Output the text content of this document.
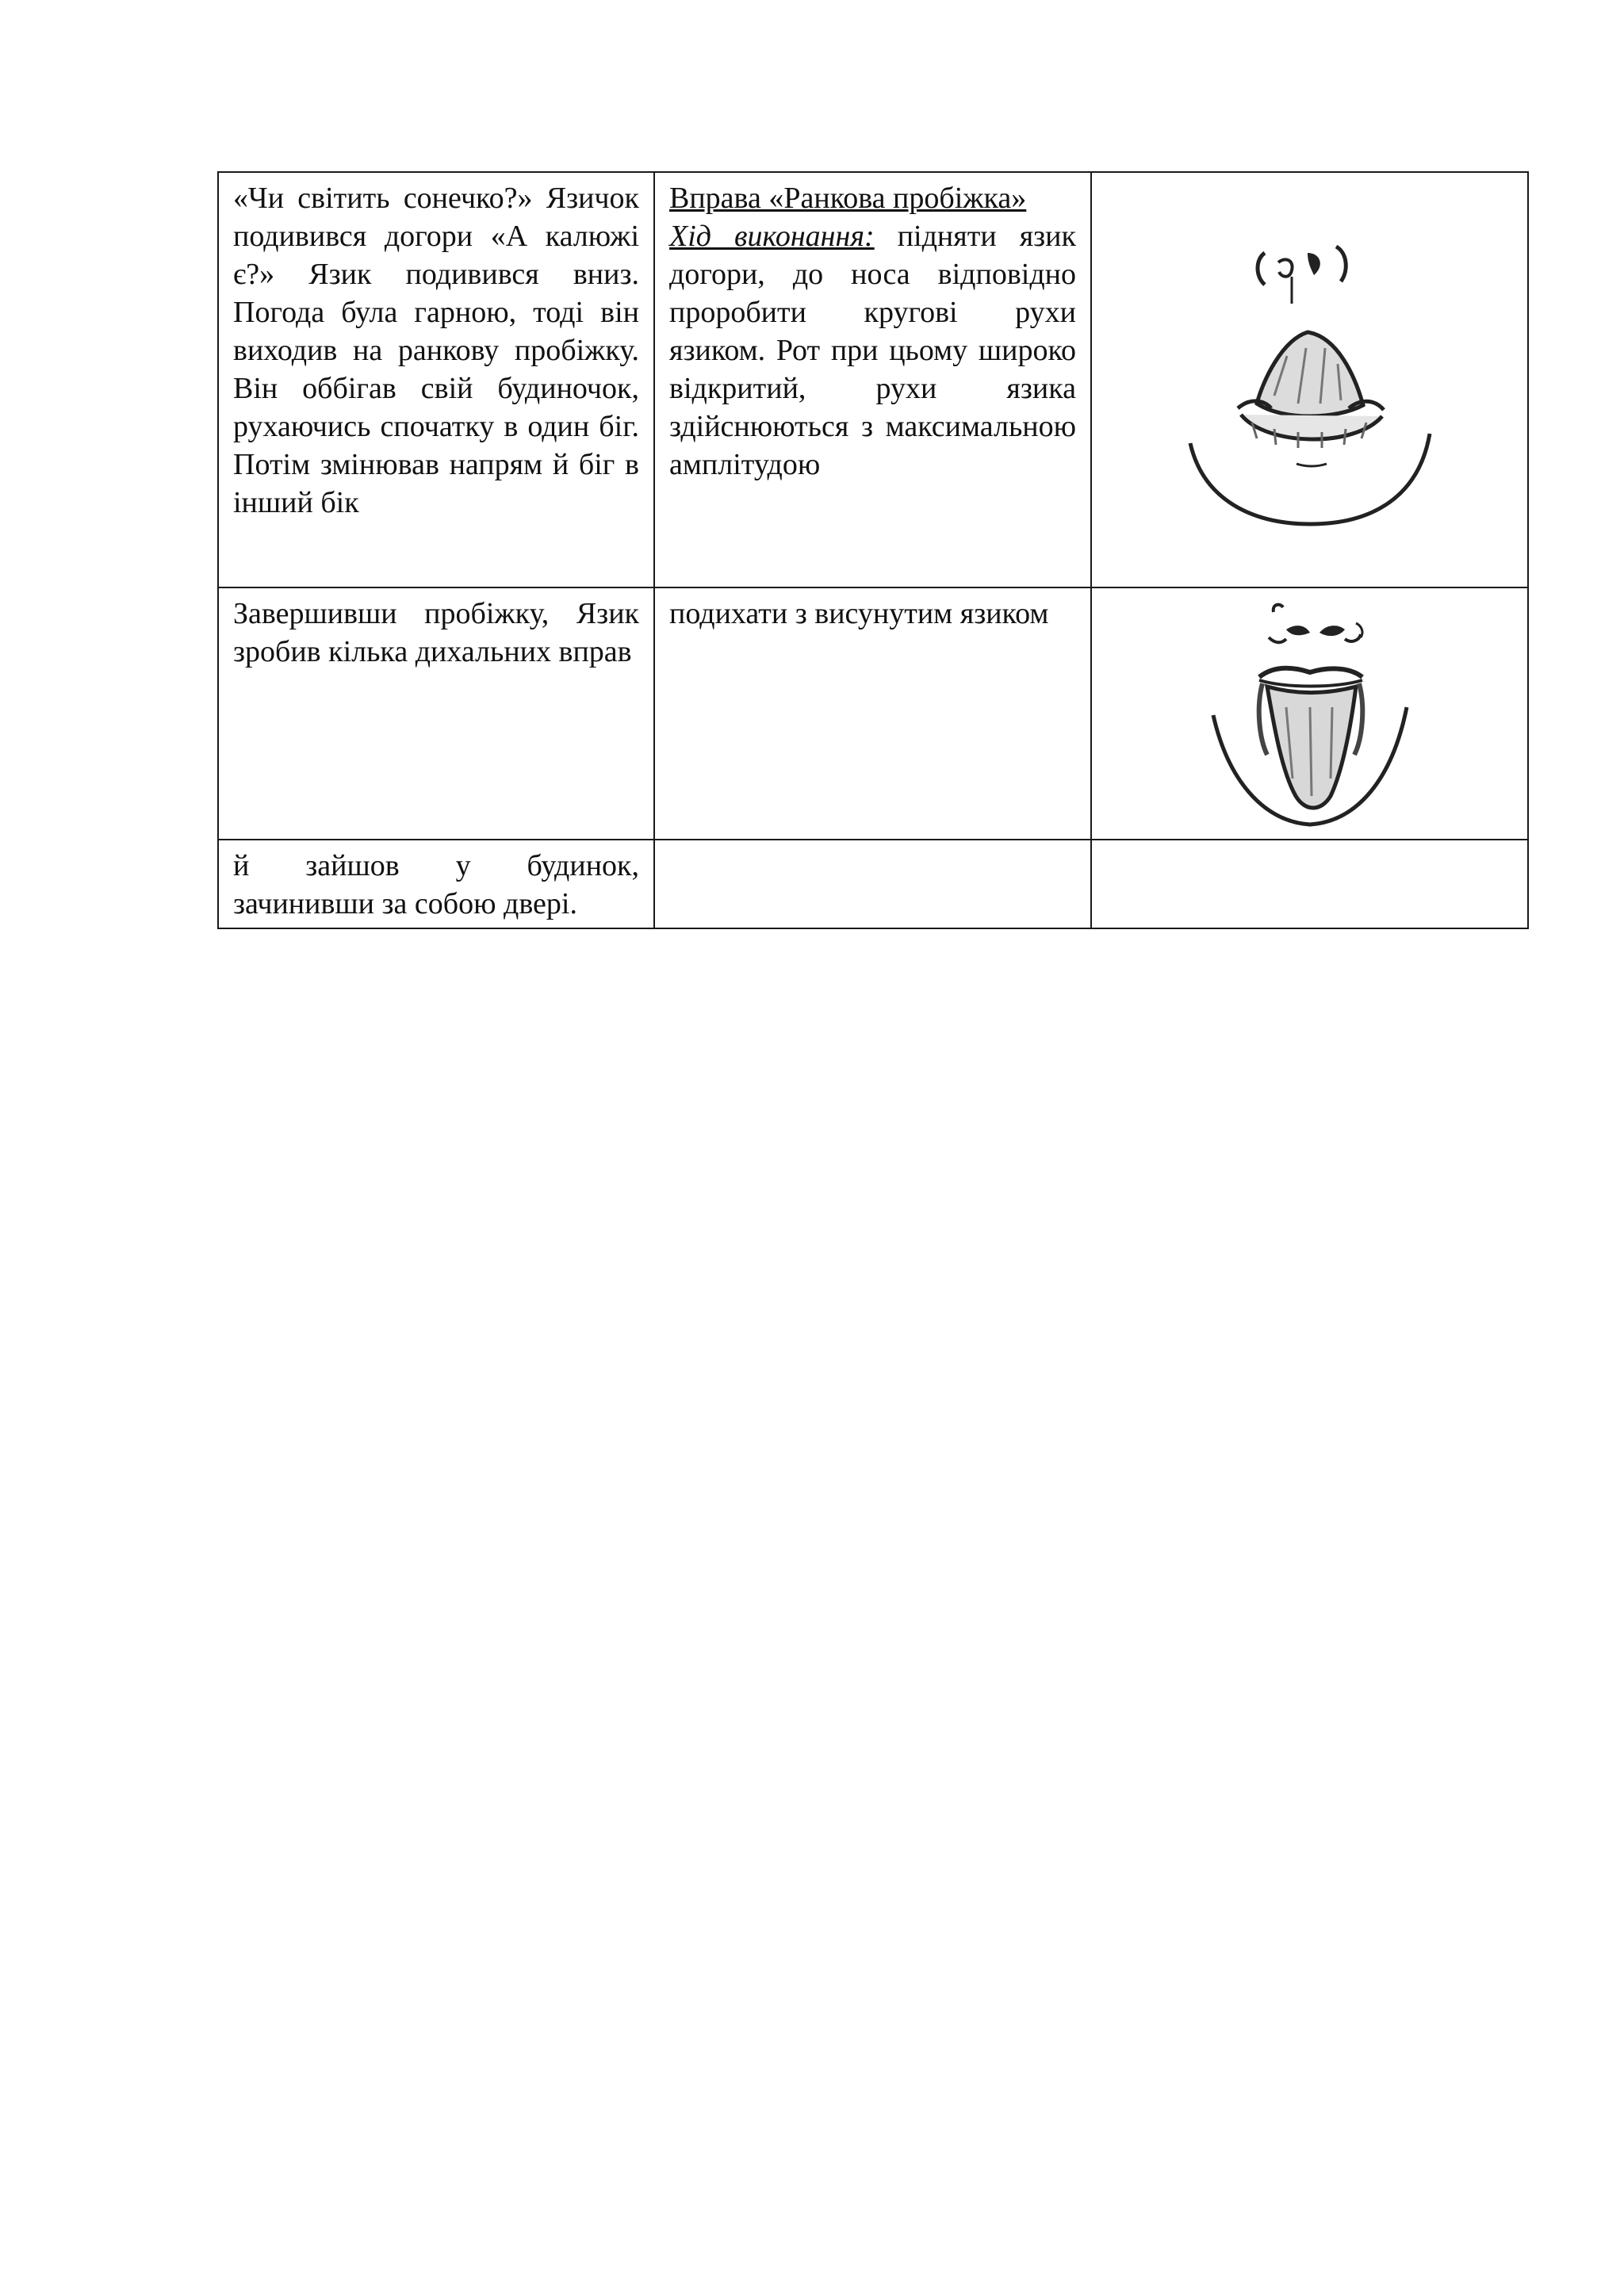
«Чи світить сонечко?» Язичок подивився догори «А калюжі є?» Язик подивився вниз. Погода була гарною, тоді він виходив на ранкову пробіжку. Він оббігав свій будиночок, рухаючись спочатку в один біг. Потім змінював напрям й біг в інший бік	Вправа «Ранкова пробіжка»
Хід виконання: підняти язик догори, до носа відповідно проробити кругові рухи язиком. Рот при цьому широко відкритий, рухи язика здійснюються з максимальною амплітудою	

Завершивши пробіжку, Язик зробив кілька дихальних вправ	подихати з висунутим язиком	

й зайшов у будинок, зачинивши за собою двері.		
